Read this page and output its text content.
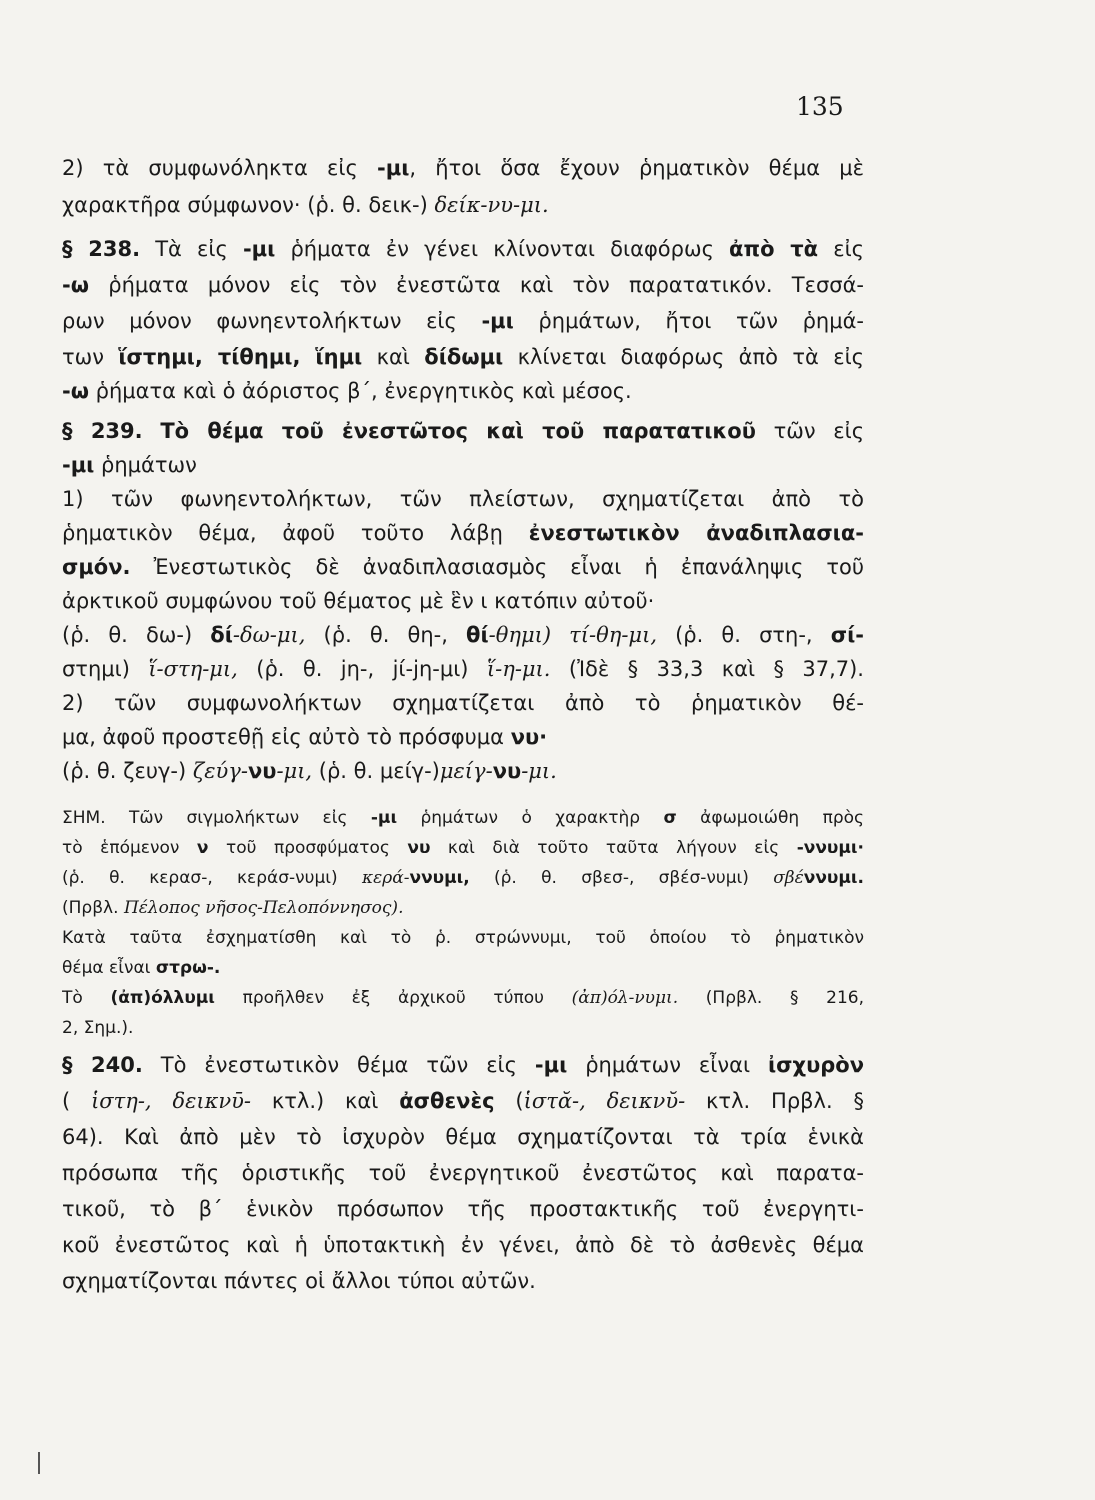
135
2) τὰ συμφωνόληκτα εἰς -μι, ἤτοι ὅσα ἔχουν ῥηματικὸν θέμα μὲ
χαρακτῆρα σύμφωνον· (ῥ. θ. δεικ-) δείκ-νυ-μι.
§ 238. Τὰ εἰς -μι ῥήματα ἐν γένει κλίνονται διαφόρως ἀπὸ τὰ εἰς
-ω ῥήματα μόνον εἰς τὸν ἐνεστῶτα καὶ τὸν παρατατικόν. Τεσσά-
ρων μόνον φωνηεντολήκτων εἰς -μι ῥημάτων, ἤτοι τῶν ῥημά-
των ἵστημι, τίθημι, ἵημι καὶ δίδωμι κλίνεται διαφόρως ἀπὸ τὰ εἰς
-ω ῥήματα καὶ ὁ ἀόριστος β΄, ἐνεργητικὸς καὶ μέσος.
§ 239. Τὸ θέμα τοῦ ἐνεστῶτος καὶ τοῦ παρατατικοῦ τῶν εἰς
-μι ῥημάτων
1) τῶν φωνηεντολήκτων, τῶν πλείστων, σχηματίζεται ἀπὸ τὸ
ῥηματικὸν θέμα, ἀφοῦ τοῦτο λάβῃ ἐνεστωτικὸν ἀναδιπλασια-
σμόν. Ἐνεστωτικὸς δὲ ἀναδιπλασιασμὸς εἶναι ἡ ἐπανάληψις τοῦ
ἀρκτικοῦ συμφώνου τοῦ θέματος μὲ ἓν ι κατόπιν αὐτοῦ·
(ῥ. θ. δω-) δί-δω-μι, (ῥ. θ. θη-, θί-θημι) τί-θη-μι, (ῥ. θ. στη-, σί-
στημι) ἵ-στη-μι, (ῥ. θ. jη-, jί-jη-μι) ἵ-η-μι. (Ἰδὲ § 33,3 καὶ § 37,7).
2) τῶν συμφωνολήκτων σχηματίζεται ἀπὸ τὸ ῥηματικὸν θέ-
μα, ἀφοῦ προστεθῇ εἰς αὐτὸ τὸ πρόσφυμα νυ·
(ῥ. θ. ζευγ-) ζεύγ-νυ-μι, (ῥ. θ. μείγ-)μείγ-νυ-μι.
ΣΗΜ. Τῶν σιγμολήκτων εἰς -μι ῥημάτων ὁ χαρακτὴρ σ ἀφωμοιώθη πρὸς
τὸ ἑπόμενον ν τοῦ προσφύματος νυ καὶ διὰ τοῦτο ταῦτα λήγουν εἰς -ννυμι·
(ῥ. θ. κερασ-, κεράσ-νυμι) κερά-ννυμι, (ῥ. θ. σβεσ-, σβέσ-νυμι) σβέννυμι.
(Πρβλ. Πέλοπος νῆσος-Πελοπόννησος).
Κατὰ ταῦτα ἐσχηματίσθη καὶ τὸ ῥ. στρώννυμι, τοῦ ὁποίου τὸ ῥηματικὸν
θέμα εἶναι στρω-.
Τὸ (ἀπ)όλλυμι προῆλθεν ἐξ ἀρχικοῦ τύπου (ἀπ)όλ-νυμι. (Πρβλ. § 216,
2, Σημ.).
§ 240. Τὸ ἐνεστωτικὸν θέμα τῶν εἰς -μι ῥημάτων εἶναι ἰσχυρὸν
( ἱστη-, δεικνῡ- κτλ.) καὶ ἀσθενὲς (ἱστᾰ-, δεικνῠ- κτλ. Πρβλ. §
64). Καὶ ἀπὸ μὲν τὸ ἰσχυρὸν θέμα σχηματίζονται τὰ τρία ἑνικὰ
πρόσωπα τῆς ὁριστικῆς τοῦ ἐνεργητικοῦ ἐνεστῶτος καὶ παρατα-
τικοῦ, τὸ β΄ ἑνικὸν πρόσωπον τῆς προστακτικῆς τοῦ ἐνεργητι-
κοῦ ἐνεστῶτος καὶ ἡ ὑποτακτικὴ ἐν γένει, ἀπὸ δὲ τὸ ἀσθενὲς θέμα
σχηματίζονται πάντες οἱ ἄλλοι τύποι αὐτῶν.
